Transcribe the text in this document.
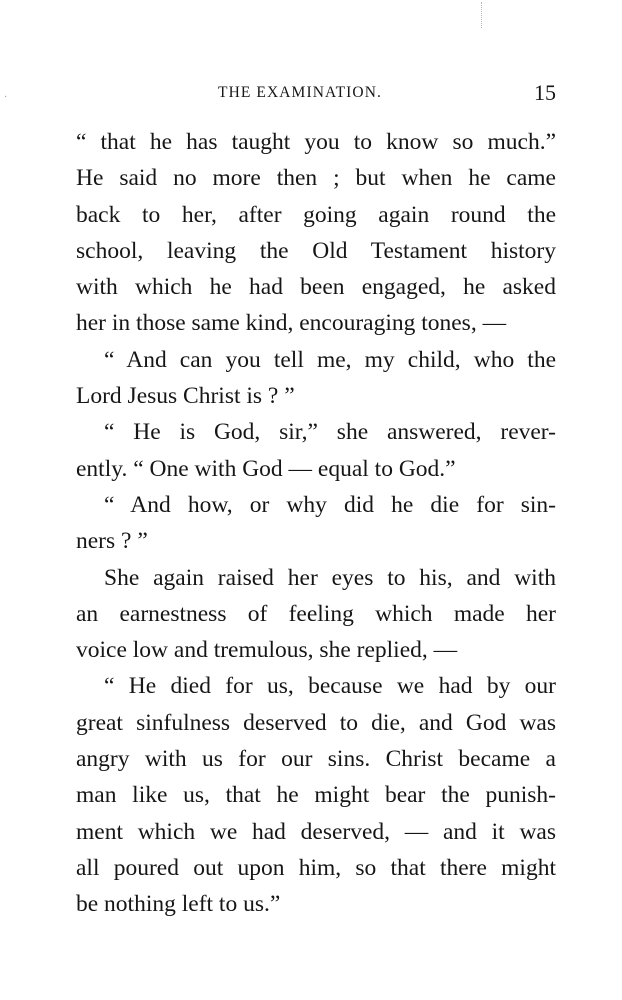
·	THE EXAMINATION.	15
“ that he has taught you to know so much.”
He said no more then ; but when he came
back to her, after going again round the
school, leaving the Old Testament history
with which he had been engaged, he asked
her in those same kind, encouraging tones, —
“ And can you tell me, my child, who the
Lord Jesus Christ is ? ”
“ He is God, sir,” she answered, rever-
ently. “ One with God — equal to God.”
“ And how, or why did he die for sin-
ners ? ”
She again raised her eyes to his, and with
an earnestness of feeling which made her
voice low and tremulous, she replied, —
“ He died for us, because we had by our
great sinfulness deserved to die, and God was
angry with us for our sins. Christ became a
man like us, that he might bear the punish-
ment which we had deserved, — and it was
all poured out upon him, so that there might
be nothing left to us.”
